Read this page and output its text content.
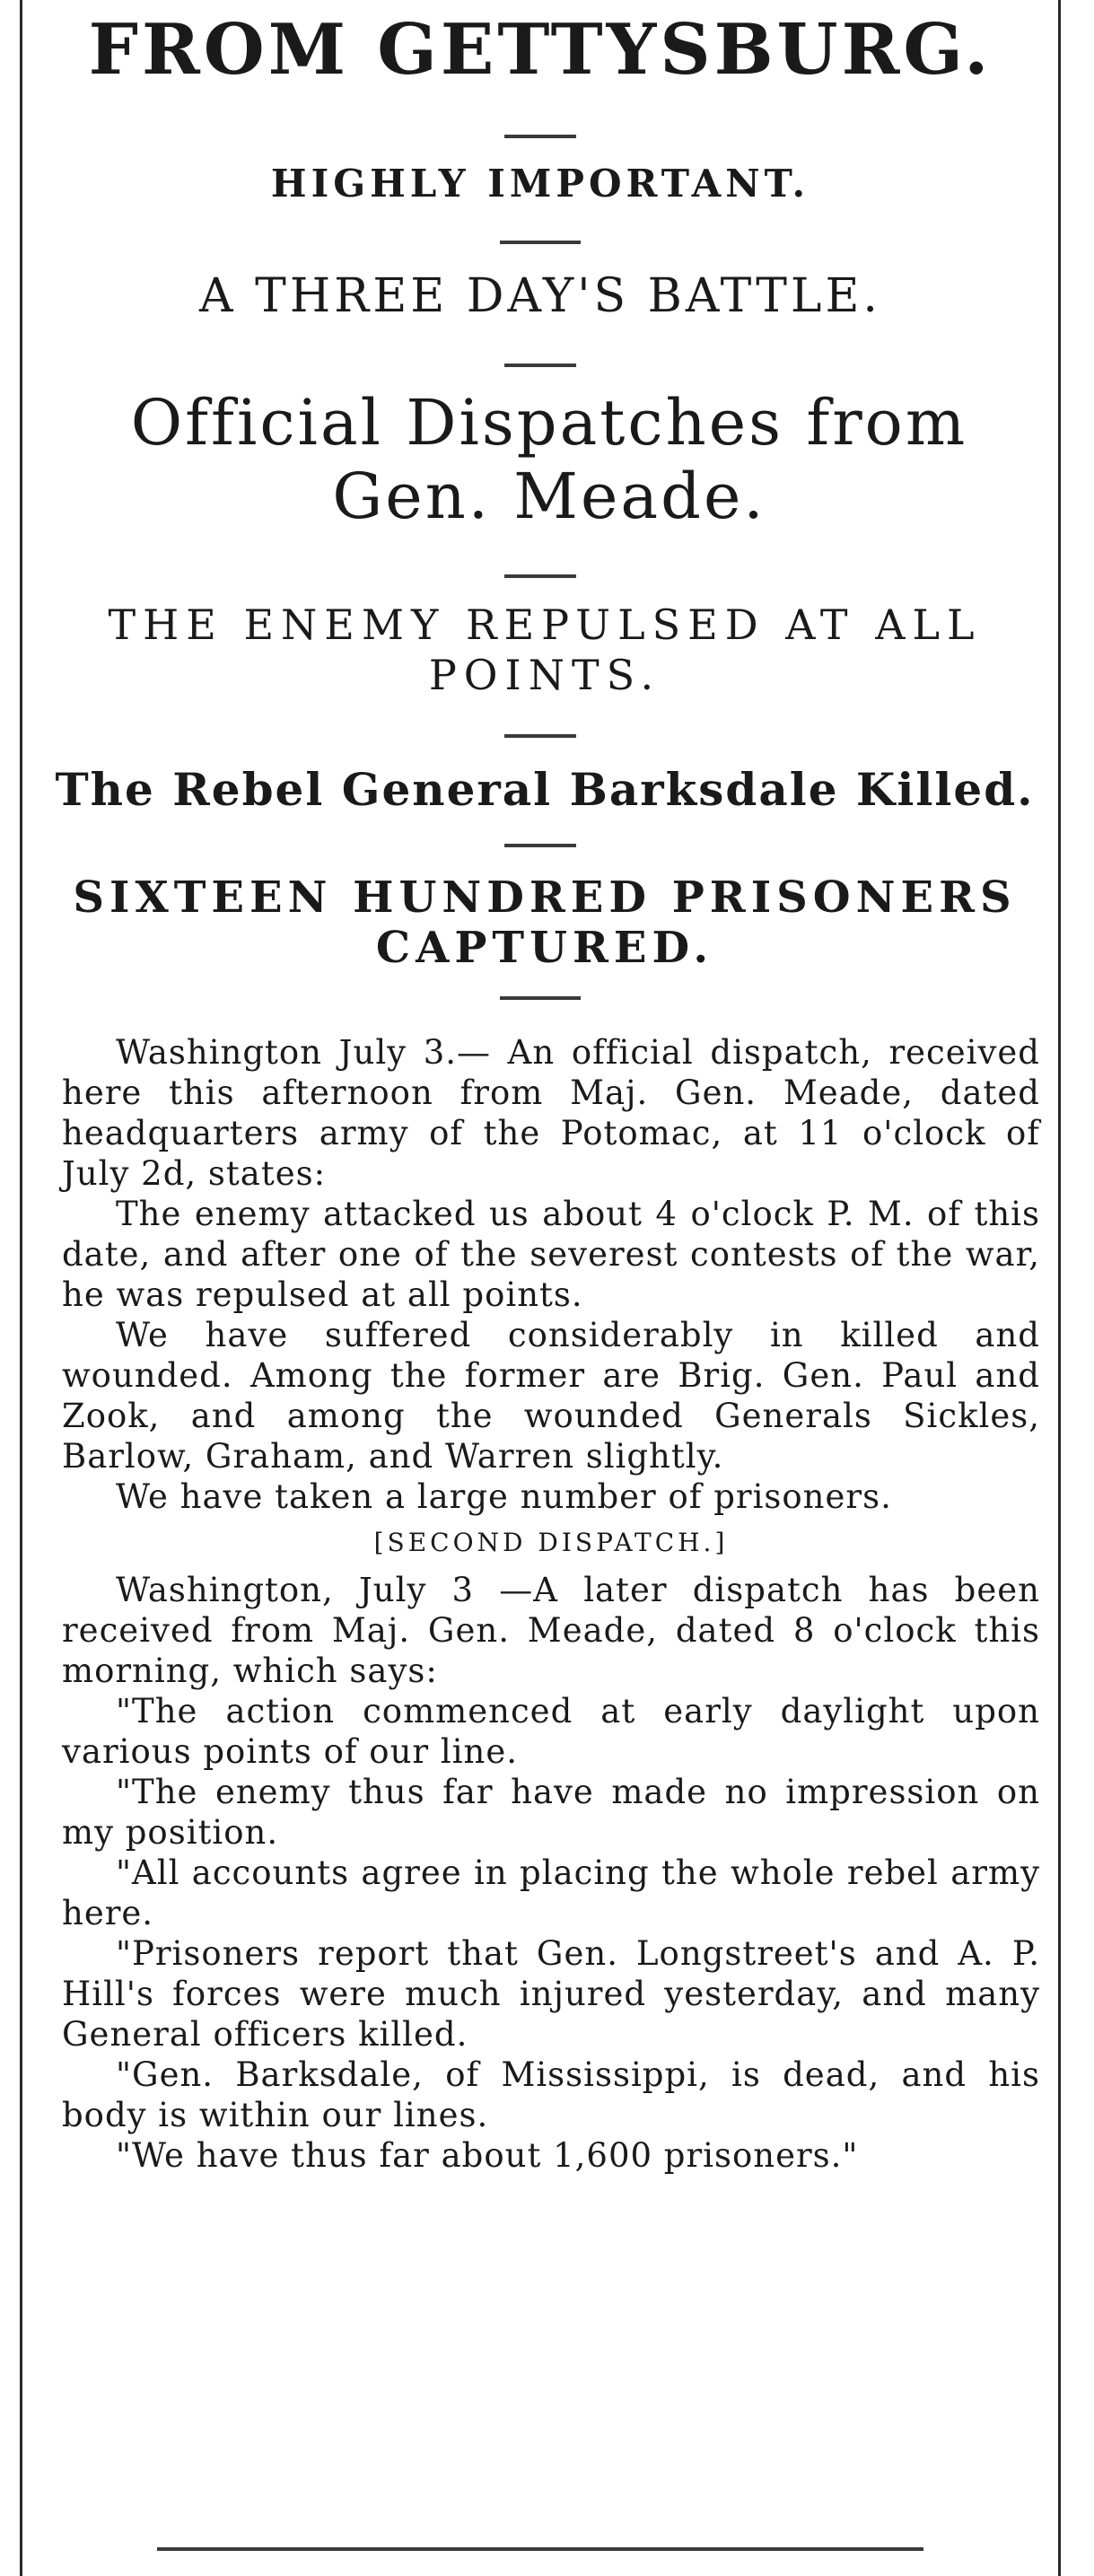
FROM GETTYSBURG.
HIGHLY IMPORTANT.
A THREE DAY'S BATTLE.
Official Dispatches from Gen. Meade.
THE ENEMY REPULSED AT ALL POINTS.
The Rebel General Barksdale Killed.
SIXTEEN HUNDRED PRISONERS CAPTURED.

Washington July 3.— An official dispatch, received here this afternoon from Maj. Gen. Meade, dated headquarters army of the Potomac, at 11 o'clock of July 2d, states:

The enemy attacked us about 4 o'clock P. M. of this date, and after one of the severest contests of the war, he was repulsed at all points.

We have suffered considerably in killed and wounded. Among the former are Brig. Gen. Paul and Zook, and among the wounded Generals Sickles, Barlow, Graham, and Warren slightly.

We have taken a large number of prisoners.

[SECOND DISPATCH.]

Washington, July 3 —A later dispatch has been received from Maj. Gen. Meade, dated 8 o'clock this morning, which says:

"The action commenced at early daylight upon various points of our line.

"The enemy thus far have made no impression on my position.

"All accounts agree in placing the whole rebel army here.

"Prisoners report that Gen. Longstreet's and A. P. Hill's forces were much injured yesterday, and many General officers killed.

"Gen. Barksdale, of Mississippi, is dead, and his body is within our lines.

"We have thus far about 1,600 prisoners."
